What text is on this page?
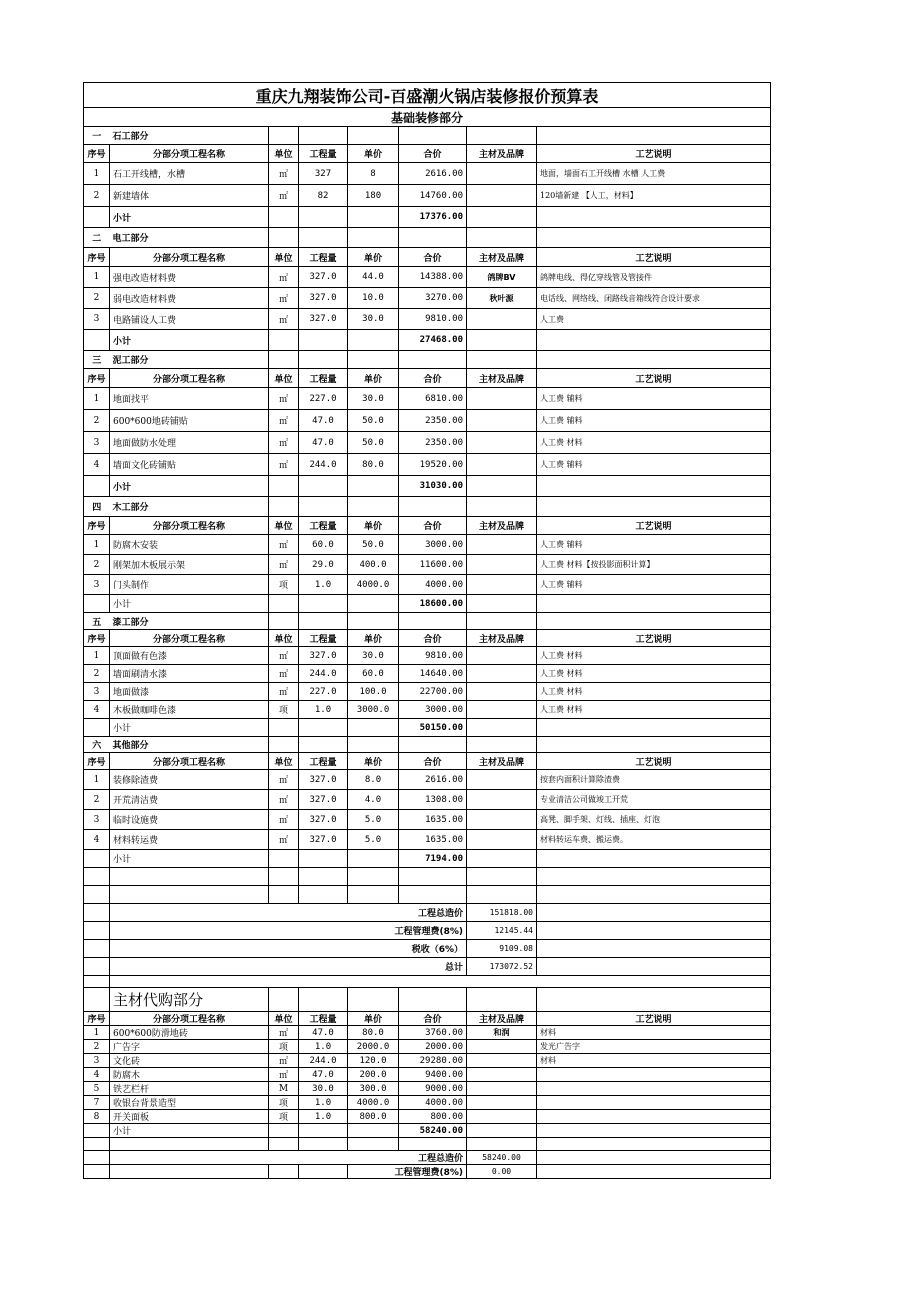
重庆九翔装饰公司-百盛潮火锅店装修报价预算表							
基础装修部分							
一	石工部分						
序号	分部分项工程名称	单位	工程量	单价	合价	主材及品牌	工艺说明
1	石工开线槽，水槽	㎡	327	8	2616.00		地面，墙面石工开线槽 水槽 人工费
2	新建墙体	㎡	82	180	14760.00		120墙新建 【人工，材料】
	小计				17376.00		
二	电工部分						
序号	分部分项工程名称	单位	工程量	单价	合价	主材及品牌	工艺说明
1	强电改造材料费	㎡	327.0	44.0	14388.00	鸽牌BV	鸽牌电线、得亿穿线管及管接件
2	弱电改造材料费	㎡	327.0	10.0	3270.00	秋叶源	电话线、网络线、闭路线音箱线符合设计要求
3	电路铺设人工费	㎡	327.0	30.0	9810.00		人工费
	小计				27468.00		
三	泥工部分						
序号	分部分项工程名称	单位	工程量	单价	合价	主材及品牌	工艺说明
1	地面找平	㎡	227.0	30.0	6810.00		人工费 辅料
2	600*600地砖铺贴	㎡	47.0	50.0	2350.00		人工费 辅料
3	地面做防水处理	㎡	47.0	50.0	2350.00		人工费 材料
4	墙面文化砖铺贴	㎡	244.0	80.0	19520.00		人工费 辅料
	小计				31030.00		
四	木工部分						
序号	分部分项工程名称	单位	工程量	单价	合价	主材及品牌	工艺说明
1	防腐木安装	㎡	60.0	50.0	3000.00		人工费 辅料
2	刚架加木板展示架	㎡	29.0	400.0	11600.00		人工费 材料【按投影面积计算】
3	门头制作	项	1.0	4000.0	4000.00		人工费 辅料
	小计				18600.00		
五	漆工部分						
序号	分部分项工程名称	单位	工程量	单价	合价	主材及品牌	工艺说明
1	顶面做有色漆	㎡	327.0	30.0	9810.00		人工费 材料
2	墙面刷清水漆	㎡	244.0	60.0	14640.00		人工费 材料
3	地面做漆	㎡	227.0	100.0	22700.00		人工费 材料
4	木板做咖啡色漆	项	1.0	3000.0	3000.00		人工费 材料
	小计				50150.00		
六	其他部分						
序号	分部分项工程名称	单位	工程量	单价	合价	主材及品牌	工艺说明
1	装修除渣费	㎡	327.0	8.0	2616.00		按套内面积计算除渣费
2	开荒清洁费	㎡	327.0	4.0	1308.00		专业清洁公司做竣工开荒
3	临时设施费	㎡	327.0	5.0	1635.00		高凳、脚手架、灯线、插座、灯泡
4	材料转运费	㎡	327.0	5.0	1635.00		材料转运车费、搬运费。
	小计				7194.00		

	工程总造价					151818.00	
	工程管理费(8%)					12145.44	
	税收（6%）					9109.08	
	总计					173072.52	

	主材代购部分						
序号	分部分项工程名称	单位	工程量	单价	合价	主材及品牌	工艺说明
1	600*600防滑地砖	㎡	47.0	80.0	3760.00	和润	材料
2	广告字	项	1.0	2000.0	2000.00		发光广告字
3	文化砖	㎡	244.0	120.0	29280.00		材料
4	防腐木	㎡	47.0	200.0	9400.00		
5	铁艺栏杆	M	30.0	300.0	9000.00		
7	收银台背景造型	项	1.0	4000.0	4000.00		
8	开关面板	项	1.0	800.0	800.00		
	小计				58240.00		

	工程总造价					58240.00	
				工程管理费(8%)		0.00	
